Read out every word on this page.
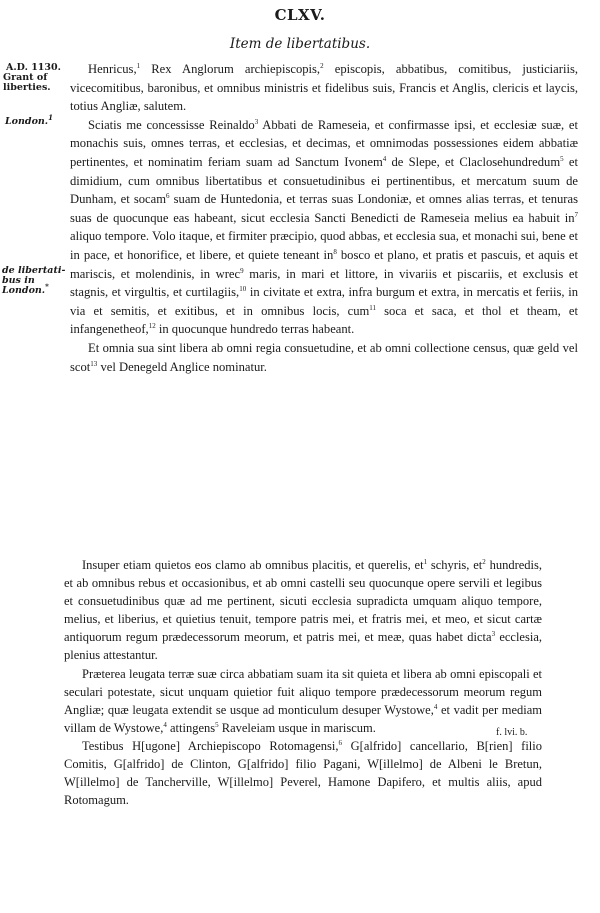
CLXV.
Item de libertatibus.
A.D. 1130.
Grant of
liberties.
London.$^1$
de libertati-
bus in
London.*

Henricus,$^1$ Rex Anglorum archiepiscopis,$^2$ episcopis, abbatibus, comitibus, justiciariis, vicecomitibus, baronibus, et omnibus ministris et fidelibus suis, Francis et Anglis, clericis et laycis, totius Angliæ, salutem.

Sciatis me concessisse Reinaldo$^3$ Abbati de Rameseia, et confirmasse ipsi, et ecclesiæ suæ, et monachis suis, omnes terras, et ecclesias, et decimas, et omnimodas possessiones eidem abbatiæ pertinentes, et nominatim feriam suam ad Sanctum Ivonem$^4$ de Slepe, et Claclosehundredum$^5$ et dimidium, cum omnibus libertatibus et consuetudinibus ei pertinentibus, et mercatum suum de Dunham, et socam$^6$ suam de Huntedonia, et terras suas Londoniæ, et omnes alias terras, et tenuras suas de quocunque eas habeant, sicut ecclesia Sancti Benedicti de Rameseia melius ea habuit $in^7$ aliquo tempore. Volo itaque, et firmiter præcipio, quod abbas, et ecclesia sua, et monachi sui, bene et in pace, et honorifice, et libere, et quiete teneant $in^8$ bosco et plano, et pratis et pascuis, et aquis et mariscis, et molendinis, in wrec$^9$ maris, in mari et littore, in vivariis et piscariis, et exclusis et stagnis, et virgultis, et curtilagiis,$^{10}$ in civitate et extra, infra burgum et extra, in mercatis et feriis, in via et semitis, et exitibus, et in omnibus locis, cum$^{11}$ soca et saca, et thol et theam, et infangenetheof,$^{12}$ in quocunque hundredo terras habeant.

Et omnia sua sint libera ab omni regia consuetudine, et ab omni collectione census, quæ geld vel scot$^{13}$ vel Denegeld Anglice nominatur.

Insuper etiam quietos eos clamo ab omnibus placitis, et querelis, $et^1$ schyris, $et^2$ hundredis, et ab omnibus rebus et occasionibus, et ab omni castelli seu quocunque opere servili et legibus et consuetudinibus quæ ad me pertinent, sicuti ecclesia supradicta umquam aliquo tempore, melius, et liberius, et quietius tenuit, tempore patris mei, et fratris mei, et meo, et sicut cartæ antiquorum regum prædecessorum meorum, et patris mei, et meæ, quas habet dicta$^3$ ecclesia, plenius attestantur.

Præterea leugata terræ suæ circa abbatiam suam ita sit quieta et libera ab omni episcopali et seculari potestate, sicut unquam quietior fuit aliquo tempore prædecessorum meorum regum Angliæ; quæ leugata extendit se usque ad monticulum desuper Wystowe,$^4$ et vadit per mediam villam de Wystowe,$^4$ attingens$^5$ Raveleiam usque in mariscum.

Testibus H[ugone] Archiepiscopo Rotomagensi,$^6$ G[alfrido] cancellario, B[rien] filio Comitis, G[alfrido] de Clinton, G[alfrido] filio Pagani, W[illelmo] de Albeni le Bretun, W[illelmo] de Tancherville, W[illelmo] Peverel, Hamone Dapifero, et multis aliis, apud Rotomagum.

f. lvi. b.
